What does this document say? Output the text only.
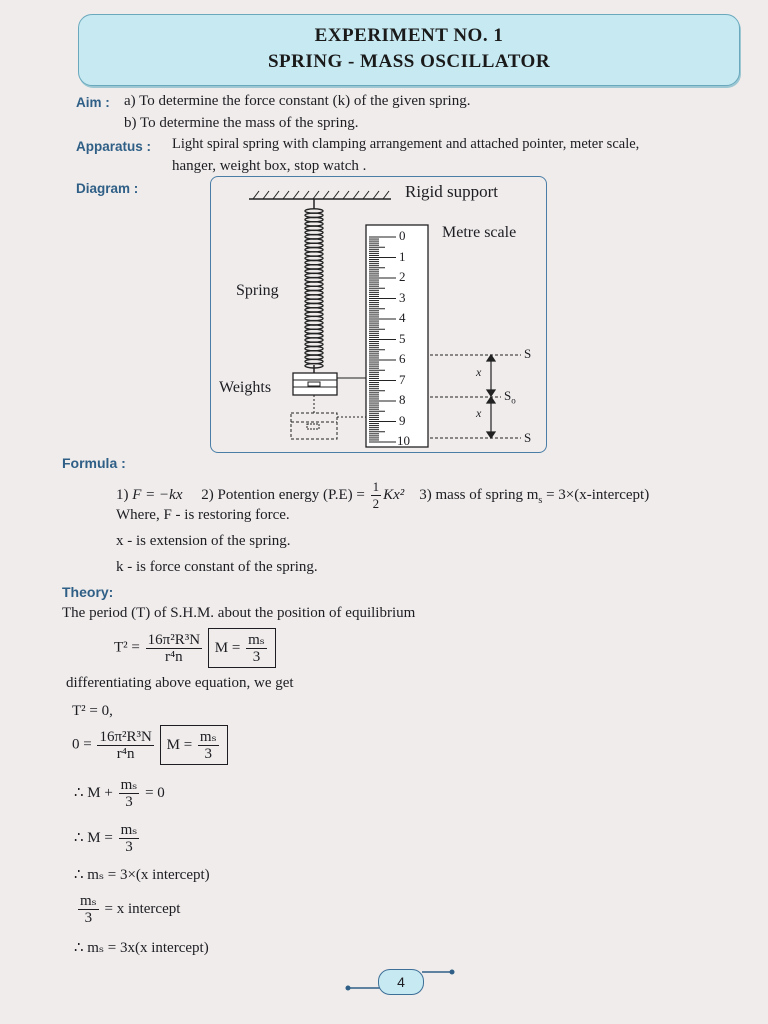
EXPERIMENT NO. 1
SPRING - MASS OSCILLATOR
Aim : a) To determine the force constant (k) of the given spring.
b) To determine the mass of the spring.
Apparatus : Light spiral spring with clamping arrangement and attached pointer, meter scale,
hanger, weight box, stop watch .
Diagram :	Rigid support
Metre scale
Spring
Weights
0
1
2
3
4
5
6
7
8
9
10
S
$S_o$
S
x
x
Formula :
1) F = −kx 2) Potention energy $(P.E) = \frac{1}{2} Kx^2$ 3) mass of spring $m_s$ = 3×(x-intercept)
Where, F - is restoring force.
x - is extension of the spring.
k - is force constant of the spring.
Theory:
The period (T) of S.H.M. about the position of equilibrium
$T^2 = \frac{\text{16π²R³N}}{\text{r⁴n}}$ $M = \frac{\text{mₛ}}{3}$
differentiating above equation, we get
T² = 0,
$0 = \frac{\text{16π²R³N}}{\text{r⁴n}}$ $M = \frac{\text{mₛ}}{3}$
∴ $M + \frac{\text{mₛ}}{3} = 0$
∴ $M = \frac{\text{mₛ}}{3}$
∴ mₛ = 3×(x intercept)
$\frac{\text{mₛ}}{3} = x$ intercept
∴ mₛ = 3x(x intercept)
4
